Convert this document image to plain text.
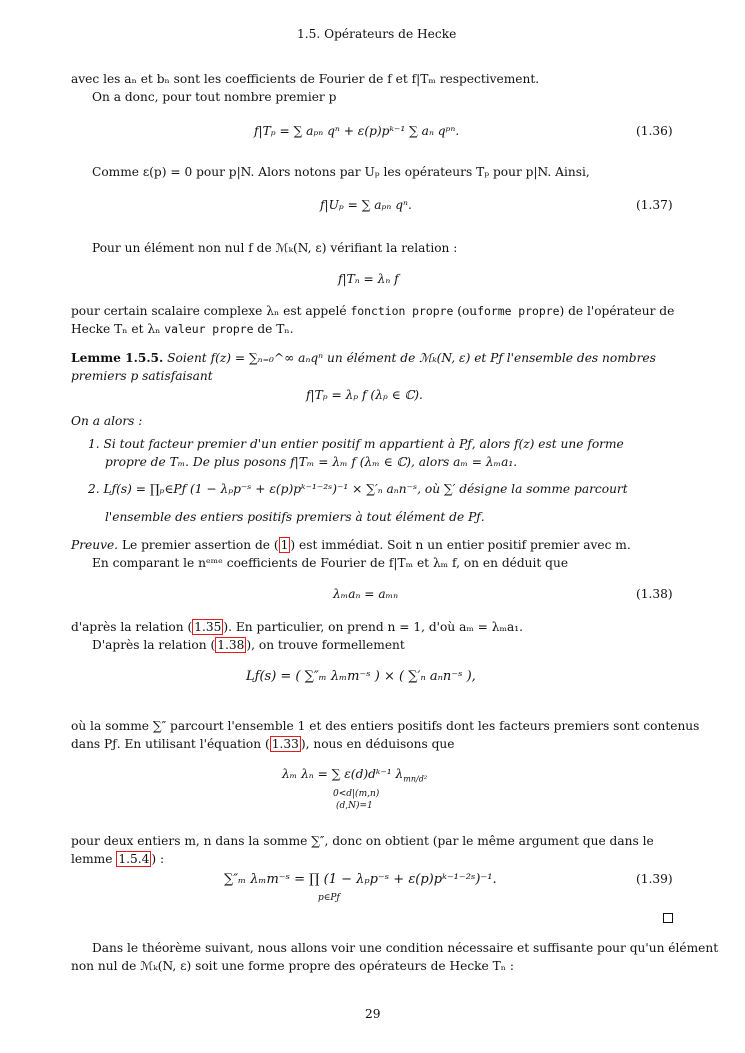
1.5. Opérateurs de Hecke
avec les aₙ et bₙ sont les coefficients de Fourier de f et f|Tₘ respectivement.
On a donc, pour tout nombre premier p
f|Tₚ = ∑ aₚₙ qⁿ + ε(p)pᵏ⁻¹ ∑ aₙ qᵖⁿ.	(1.36)
Comme ε(p) = 0 pour p|N. Alors notons par Uₚ les opérateurs Tₚ pour p|N. Ainsi,
f|Uₚ = ∑ aₚₙ qⁿ.	(1.37)
Pour un élément non nul f de ℳₖ(N, ε) vérifiant la relation :
f|Tₙ = λₙ f
pour certain scalaire complexe λₙ est appelé fonction propre (ouforme propre) de l'opérateur de
Hecke Tₙ et λₙ valeur propre de Tₙ.
Lemme 1.5.5. Soient f(z) = ∑ₙ₌₀^∞ aₙqⁿ un élément de ℳₖ(N, ε) et Pƒ l'ensemble des nombres
premiers p satisfaisant
f|Tₚ = λₚ f (λₚ ∈ ℂ).
On a alors :
1. Si tout facteur premier d'un entier positif m appartient à Pƒ, alors f(z) est une forme
propre de Tₘ. De plus posons f|Tₘ = λₘ f (λₘ ∈ ℂ), alors aₘ = λₘa₁.
2. Lƒ(s) = ∏ₚ∈Pƒ (1 − λₚp⁻ˢ + ε(p)pᵏ⁻¹⁻²ˢ)⁻¹ × ∑′ₙ aₙn⁻ˢ, où ∑′ désigne la somme parcourt
l'ensemble des entiers positifs premiers à tout élément de Pƒ.
Preuve. Le premier assertion de ( 1 ) est immédiat. Soit n un entier positif premier avec m.
En comparant le nᵉᵐᵉ coefficients de Fourier de f|Tₘ et λₘ f, on en déduit que
λₘaₙ = aₘₙ	(1.38)
d'après la relation ( 1.35 ). En particulier, on prend n = 1, d'où aₘ = λₘa₁.
D'après la relation ( 1.38 ), on trouve formellement
Lƒ(s) = ( ∑″ₘ λₘm⁻ˢ ) × ( ∑′ₙ aₙn⁻ˢ ),
où la somme ∑″ parcourt l'ensemble 1 et des entiers positifs dont les facteurs premiers sont contenus
dans Pƒ. En utilisant l'équation ( 1.33 ), nous en déduisons que
λₘ λₙ = ∑ ε(d)dᵏ⁻¹ $\lambda_{mn/d^2}$
0<d|(m,n)
(d,N)=1
pour deux entiers m, n dans la somme ∑″, donc on obtient (par le même argument que dans le
lemme 1.5.4 ) :
∑″ₘ λₘm⁻ˢ = ∏ (1 − λₚp⁻ˢ + ε(p)pᵏ⁻¹⁻²ˢ)⁻¹.
p∈Pƒ
(1.39)
Dans le théorème suivant, nous allons voir une condition nécessaire et suffisante pour qu'un élément
non nul de ℳₖ(N, ε) soit une forme propre des opérateurs de Hecke Tₙ :
29
